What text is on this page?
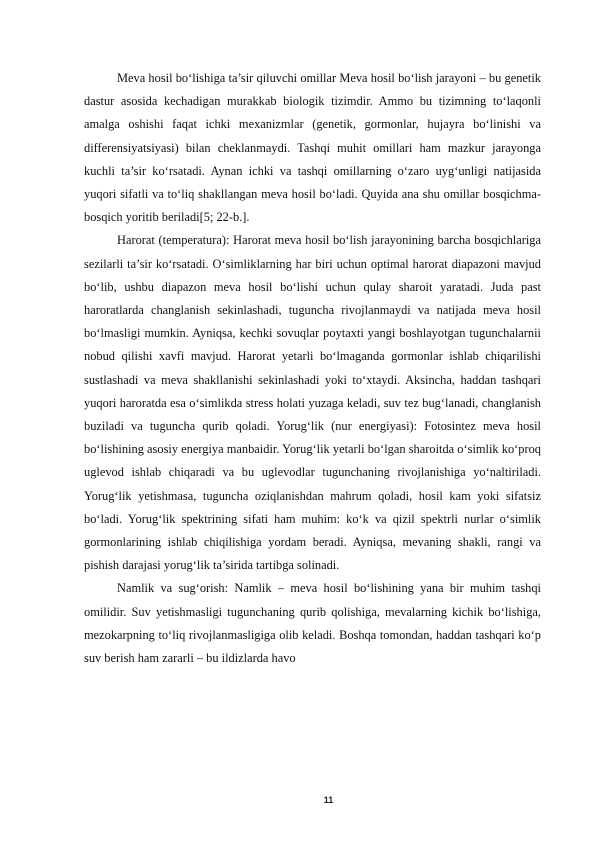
Meva hosil bo‘lishiga ta’sir qiluvchi omillar Meva hosil bo‘lish jarayoni – bu genetik dastur asosida kechadigan murakkab biologik tizimdir. Ammo bu tizimning to‘laqonli amalga oshishi faqat ichki mexanizmlar (genetik, gormonlar, hujayra bo‘linishi va differensiyatsiyasi) bilan cheklanmaydi. Tashqi muhit omillari ham mazkur jarayonga kuchli ta’sir ko‘rsatadi. Aynan ichki va tashqi omillarning o‘zaro uyg‘unligi natijasida yuqori sifatli va to‘liq shakllangan meva hosil bo‘ladi. Quyida ana shu omillar bosqichma-bosqich yoritib beriladi[5; 22-b.].

Harorat (temperatura): Harorat meva hosil bo‘lish jarayonining barcha bosqichlariga sezilarli ta’sir ko‘rsatadi. O‘simliklarning har biri uchun optimal harorat diapazoni mavjud bo‘lib, ushbu diapazon meva hosil bo‘lishi uchun qulay sharoit yaratadi. Juda past haroratlarda changlanish sekinlashadi, tuguncha rivojlanmaydi va natijada meva hosil bo‘lmasligi mumkin. Ayniqsa, kechki sovuqlar poytaxti yangi boshlayotgan tugunchalarnii nobud qilishi xavfi mavjud. Harorat yetarli bo‘lmaganda gormonlar ishlab chiqarilishi sustlashadi va meva shakllanishi sekinlashadi yoki to‘xtaydi. Aksincha, haddan tashqari yuqori haroratda esa o‘simlikda stress holati yuzaga keladi, suv tez bug‘lanadi, changlanish buziladi va tuguncha qurib qoladi. Yorug‘lik (nur energiyasi): Fotosintez meva hosil bo‘lishining asosiy energiya manbaidir. Yorug‘lik yetarli bo‘lgan sharoitda o‘simlik ko‘proq uglevod ishlab chiqaradi va bu uglevodlar tugunchaning rivojlanishiga yo‘naltiriladi. Yorug‘lik yetishmasa, tuguncha oziqlanishdan mahrum qoladi, hosil kam yoki sifatsiz bo‘ladi. Yorug‘lik spektrining sifati ham muhim: ko‘k va qizil spektrli nurlar o‘simlik gormonlarining ishlab chiqilishiga yordam beradi. Ayniqsa, mevaning shakli, rangi va pishish darajasi yorug‘lik ta’sirida tartibga solinadi.

Namlik va sug‘orish: Namlik – meva hosil bo‘lishining yana bir muhim tashqi omilidir. Suv yetishmasligi tugunchaning qurib qolishiga, mevalarning kichik bo‘lishiga, mezokarpning to‘liq rivojlanmasligiga olib keladi. Boshqa tomondan, haddan tashqari ko‘p suv berish ham zararli – bu ildizlarda havo

11
